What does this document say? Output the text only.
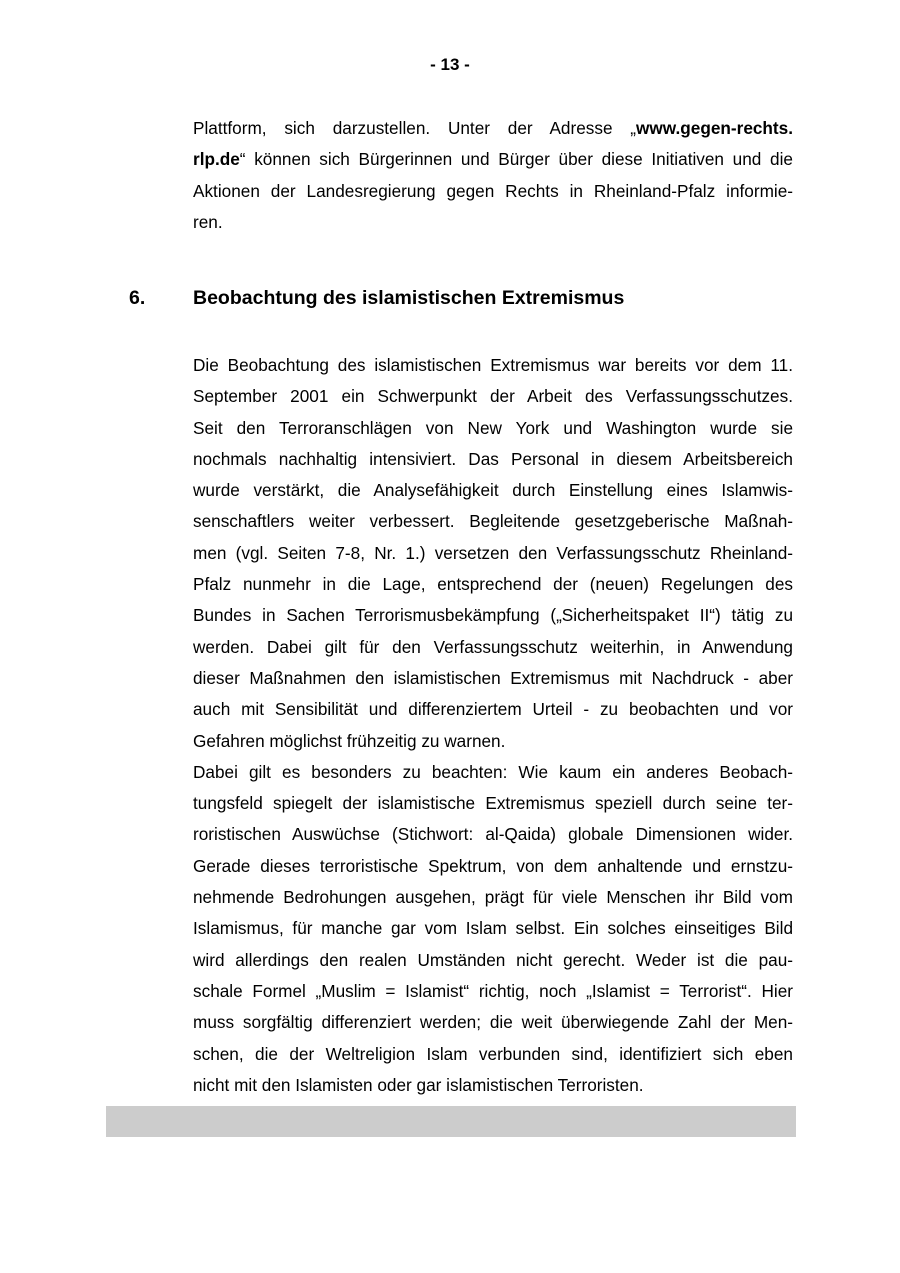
- 13 -
Plattform, sich darzustellen. Unter der Adresse „www.gegen-rechts.
rlp.de“ können sich Bürgerinnen und Bürger über diese Initiativen und die
Aktionen der Landesregierung gegen Rechts in Rheinland-Pfalz informie-
ren.
6. Beobachtung des islamistischen Extremismus
Die Beobachtung des islamistischen Extremismus war bereits vor dem 11.
September 2001 ein Schwerpunkt der Arbeit des Verfassungsschutzes.
Seit den Terroranschlägen von New York und Washington wurde sie
nochmals nachhaltig intensiviert. Das Personal in diesem Arbeitsbereich
wurde verstärkt, die Analysefähigkeit durch Einstellung eines Islamwis-
senschaftlers weiter verbessert. Begleitende gesetzgeberische Maßnah-
men (vgl. Seiten 7-8, Nr. 1.) versetzen den Verfassungsschutz Rheinland-
Pfalz nunmehr in die Lage, entsprechend der (neuen) Regelungen des
Bundes in Sachen Terrorismusbekämpfung („Sicherheitspaket II“) tätig zu
werden. Dabei gilt für den Verfassungsschutz weiterhin, in Anwendung
dieser Maßnahmen den islamistischen Extremismus mit Nachdruck - aber
auch mit Sensibilität und differenziertem Urteil - zu beobachten und vor
Gefahren möglichst frühzeitig zu warnen.
Dabei gilt es besonders zu beachten: Wie kaum ein anderes Beobach-
tungsfeld spiegelt der islamistische Extremismus speziell durch seine ter-
roristischen Auswüchse (Stichwort: al-Qaida) globale Dimensionen wider.
Gerade dieses terroristische Spektrum, von dem anhaltende und ernstzu-
nehmende Bedrohungen ausgehen, prägt für viele Menschen ihr Bild vom
Islamismus, für manche gar vom Islam selbst. Ein solches einseitiges Bild
wird allerdings den realen Umständen nicht gerecht. Weder ist die pau-
schale Formel „Muslim = Islamist“ richtig, noch „Islamist = Terrorist“. Hier
muss sorgfältig differenziert werden; die weit überwiegende Zahl der Men-
schen, die der Weltreligion Islam verbunden sind, identifiziert sich eben
nicht mit den Islamisten oder gar islamistischen Terroristen.
